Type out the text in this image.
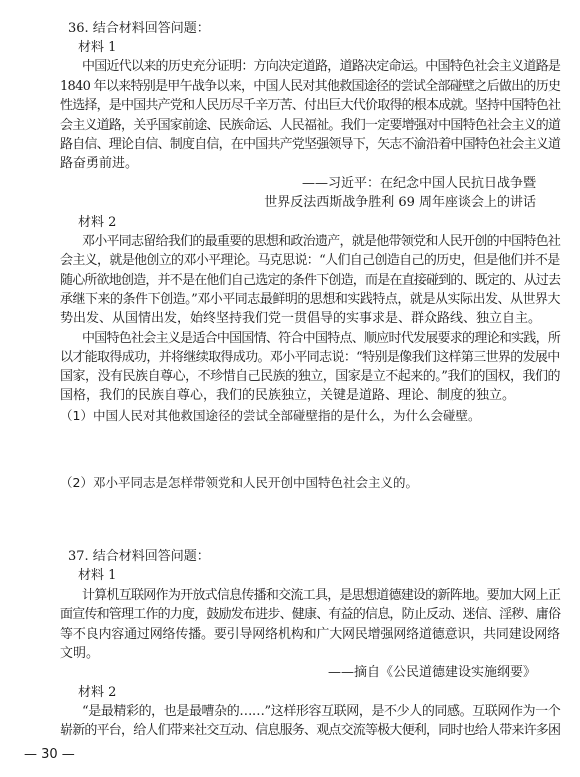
36. 结合材料回答问题：
材料 1
中国近代以来的历史充分证明：方向决定道路，道路决定命运。中国特色社会主义道路是
1840 年以来特别是甲午战争以来，中国人民对其他救国途径的尝试全部碰壁之后做出的历史
性选择，是中国共产党和人民历尽千辛万苦、付出巨大代价取得的根本成就。坚持中国特色社
会主义道路，关乎国家前途、民族命运、人民福祉。我们一定要增强对中国特色社会主义的道
路自信、理论自信、制度自信，在中国共产党坚强领导下，矢志不渝沿着中国特色社会主义道
路奋勇前进。
——习近平：在纪念中国人民抗日战争暨
世界反法西斯战争胜利 69 周年座谈会上的讲话
材料 2
邓小平同志留给我们的最重要的思想和政治遗产，就是他带领党和人民开创的中国特色社
会主义，就是他创立的邓小平理论。马克思说：“人们自己创造自己的历史，但是他们并不是
随心所欲地创造，并不是在他们自己选定的条件下创造，而是在直接碰到的、既定的、从过去
承继下来的条件下创造。”邓小平同志最鲜明的思想和实践特点，就是从实际出发、从世界大
势出发、从国情出发，始终坚持我们党一贯倡导的实事求是、群众路线、独立自主。
中国特色社会主义是适合中国国情、符合中国特点、顺应时代发展要求的理论和实践，所
以才能取得成功，并将继续取得成功。邓小平同志说：“特别是像我们这样第三世界的发展中
国家，没有民族自尊心，不珍惜自己民族的独立，国家是立不起来的。”我们的国权，我们的
国格，我们的民族自尊心，我们的民族独立，关键是道路、理论、制度的独立。
（1）中国人民对其他救国途径的尝试全部碰壁指的是什么，为什么会碰壁。
（2）邓小平同志是怎样带领党和人民开创中国特色社会主义的。
37. 结合材料回答问题：
材料 1
计算机互联网作为开放式信息传播和交流工具，是思想道德建设的新阵地。要加大网上正
面宣传和管理工作的力度，鼓励发布进步、健康、有益的信息，防止反动、迷信、淫秽、庸俗
等不良内容通过网络传播。要引导网络机构和广大网民增强网络道德意识，共同建设网络
文明。
——摘自《公民道德建设实施纲要》
材料 2
“是最精彩的，也是最嘈杂的……”这样形容互联网，是不少人的同感。互联网作为一个
崭新的平台，给人们带来社交互动、信息服务、观点交流等极大便利，同时也给人带来许多困
— 30 —
